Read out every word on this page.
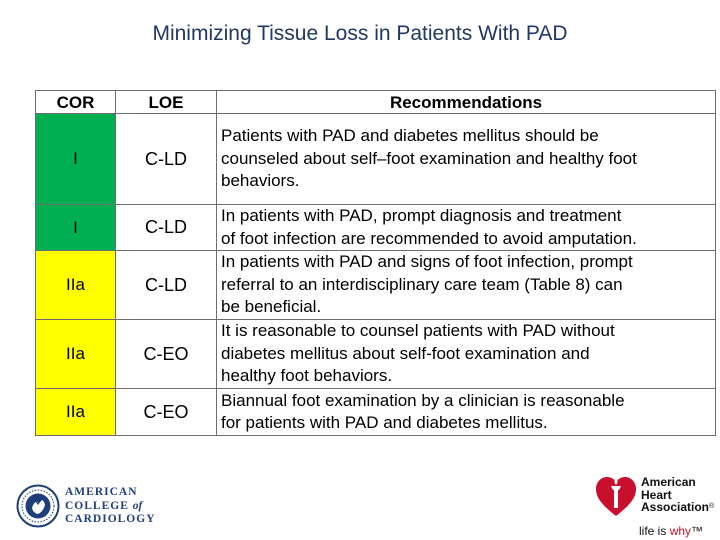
Minimizing Tissue Loss in Patients With PAD
COR	LOE	Recommendations
I	C-LD	Patients with PAD and diabetes mellitus should be
counseled about self–foot examination and healthy foot
behaviors.

I	C-LD	In patients with PAD, prompt diagnosis and treatment
of foot infection are recommended to avoid amputation.

IIa	C-LD	In patients with PAD and signs of foot infection, prompt
referral to an interdisciplinary care team (Table 8) can
be beneficial.

IIa	C-EO	It is reasonable to counsel patients with PAD without
diabetes mellitus about self-foot examination and
healthy foot behaviors.

IIa	C-EO	Biannual foot examination by a clinician is reasonable
for patients with PAD and diabetes mellitus.
AMERICAN
COLLEGE of
CARDIOLOGY
American
Heart
Association®
life is why™
